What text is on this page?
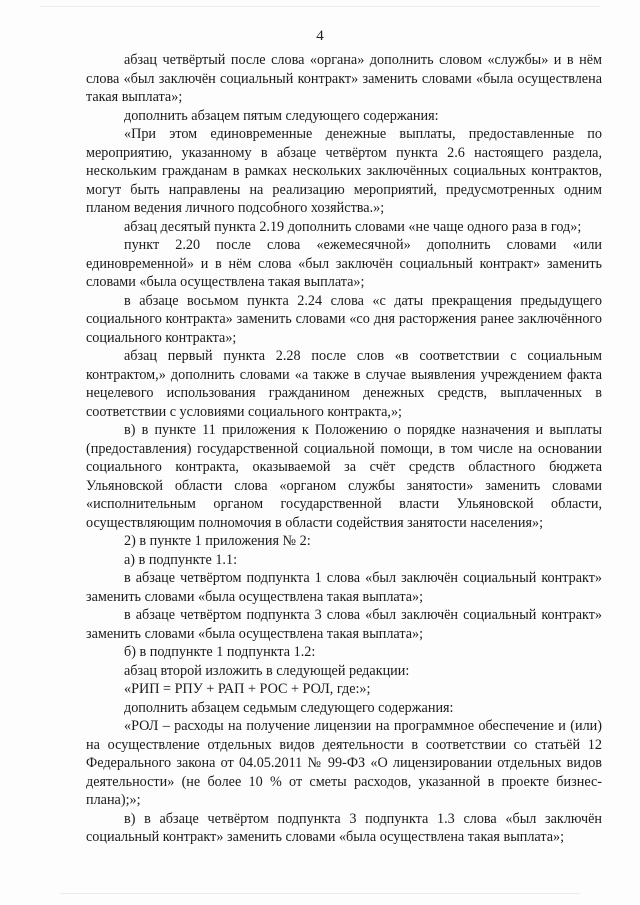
4

абзац четвёртый после слова «органа» дополнить словом «службы» и в нём слова «был заключён социальный контракт» заменить словами «была осуществлена такая выплата»;

дополнить абзацем пятым следующего содержания:

«При этом единовременные денежные выплаты, предоставленные по мероприятию, указанному в абзаце четвёртом пункта 2.6 настоящего раздела, нескольким гражданам в рамках нескольких заключённых социальных контрактов, могут быть направлены на реализацию мероприятий, предусмотренных одним планом ведения личного подсобного хозяйства.»;

абзац десятый пункта 2.19 дополнить словами «не чаще одного раза в год»;

пункт 2.20 после слова «ежемесячной» дополнить словами «или единовременной» и в нём слова «был заключён социальный контракт» заменить словами «была осуществлена такая выплата»;

в абзаце восьмом пункта 2.24 слова «с даты прекращения предыдущего социального контракта» заменить словами «со дня расторжения ранее заключённого социального контракта»;

абзац первый пункта 2.28 после слов «в соответствии с социальным контрактом,» дополнить словами «а также в случае выявления учреждением факта нецелевого использования гражданином денежных средств, выплаченных в соответствии с условиями социального контракта,»;

в) в пункте 11 приложения к Положению о порядке назначения и выплаты (предоставления) государственной социальной помощи, в том числе на основании социального контракта, оказываемой за счёт средств областного бюджета Ульяновской области слова «органом службы занятости» заменить словами «исполнительным органом государственной власти Ульяновской области, осуществляющим полномочия в области содействия занятости населения»;

2) в пункте 1 приложения № 2:

а) в подпункте 1.1:

в абзаце четвёртом подпункта 1 слова «был заключён социальный контракт» заменить словами «была осуществлена такая выплата»;

в абзаце четвёртом подпункта 3 слова «был заключён социальный контракт» заменить словами «была осуществлена такая выплата»;

б) в подпункте 1 подпункта 1.2:

абзац второй изложить в следующей редакции:

«РИП = РПУ + РАП + РОС + РОЛ, где:»;

дополнить абзацем седьмым следующего содержания:

«РОЛ – расходы на получение лицензии на программное обеспечение и (или) на осуществление отдельных видов деятельности в соответствии со статьёй 12 Федерального закона от 04.05.2011 № 99-ФЗ «О лицензировании отдельных видов деятельности» (не более 10 % от сметы расходов, указанной в проекте бизнес-плана);»;

в) в абзаце четвёртом подпункта 3 подпункта 1.3 слова «был заключён социальный контракт» заменить словами «была осуществлена такая выплата»;
